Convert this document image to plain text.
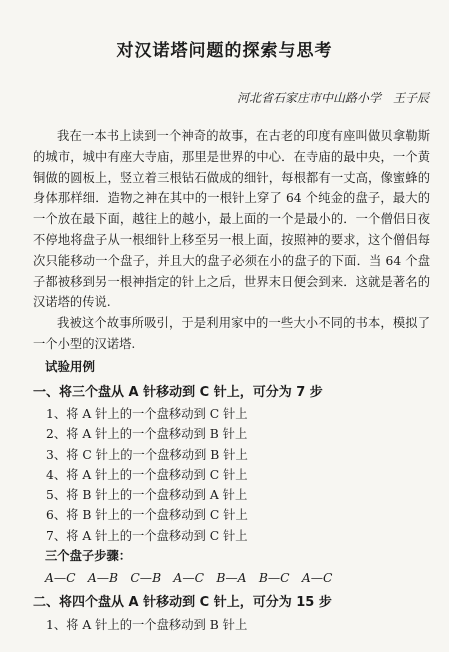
对汉诺塔问题的探索与思考
河北省石家庄市中山路小学　王子辰
我在一本书上读到一个神奇的故事，在古老的印度有座叫做贝拿勒斯的城市，城中有座大寺庙，那里是世界的中心．在寺庙的最中央，一个黄铜做的圆板上，竖立着三根钻石做成的细针，每根都有一丈高，像蜜蜂的身体那样细．造物之神在其中的一根针上穿了 64 个纯金的盘子，最大的一个放在最下面，越往上的越小，最上面的一个是最小的．一个僧侣日夜不停地将盘子从一根细针上移至另一根上面，按照神的要求，这个僧侣每次只能移动一个盘子，并且大的盘子必须在小的盘子的下面．当 64 个盘子都被移到另一根神指定的针上之后，世界末日便会到来．这就是著名的汉诺塔的传说.
我被这个故事所吸引，于是利用家中的一些大小不同的书本，模拟了一个小型的汉诺塔.
试验用例
一、将三个盘从 A 针移动到 C 针上，可分为 7 步
1、将 A 针上的一个盘移动到 C 针上
2、将 A 针上的一个盘移动到 B 针上
3、将 C 针上的一个盘移动到 B 针上
4、将 A 针上的一个盘移动到 C 针上
5、将 B 针上的一个盘移动到 A 针上
6、将 B 针上的一个盘移动到 C 针上
7、将 A 针上的一个盘移动到 C 针上
三个盘子步骤：
A—C　A—B　C—B　A—C　B—A　B—C　A—C
二、将四个盘从 A 针移动到 C 针上，可分为 15 步
1、将 A 针上的一个盘移动到 B 针上
